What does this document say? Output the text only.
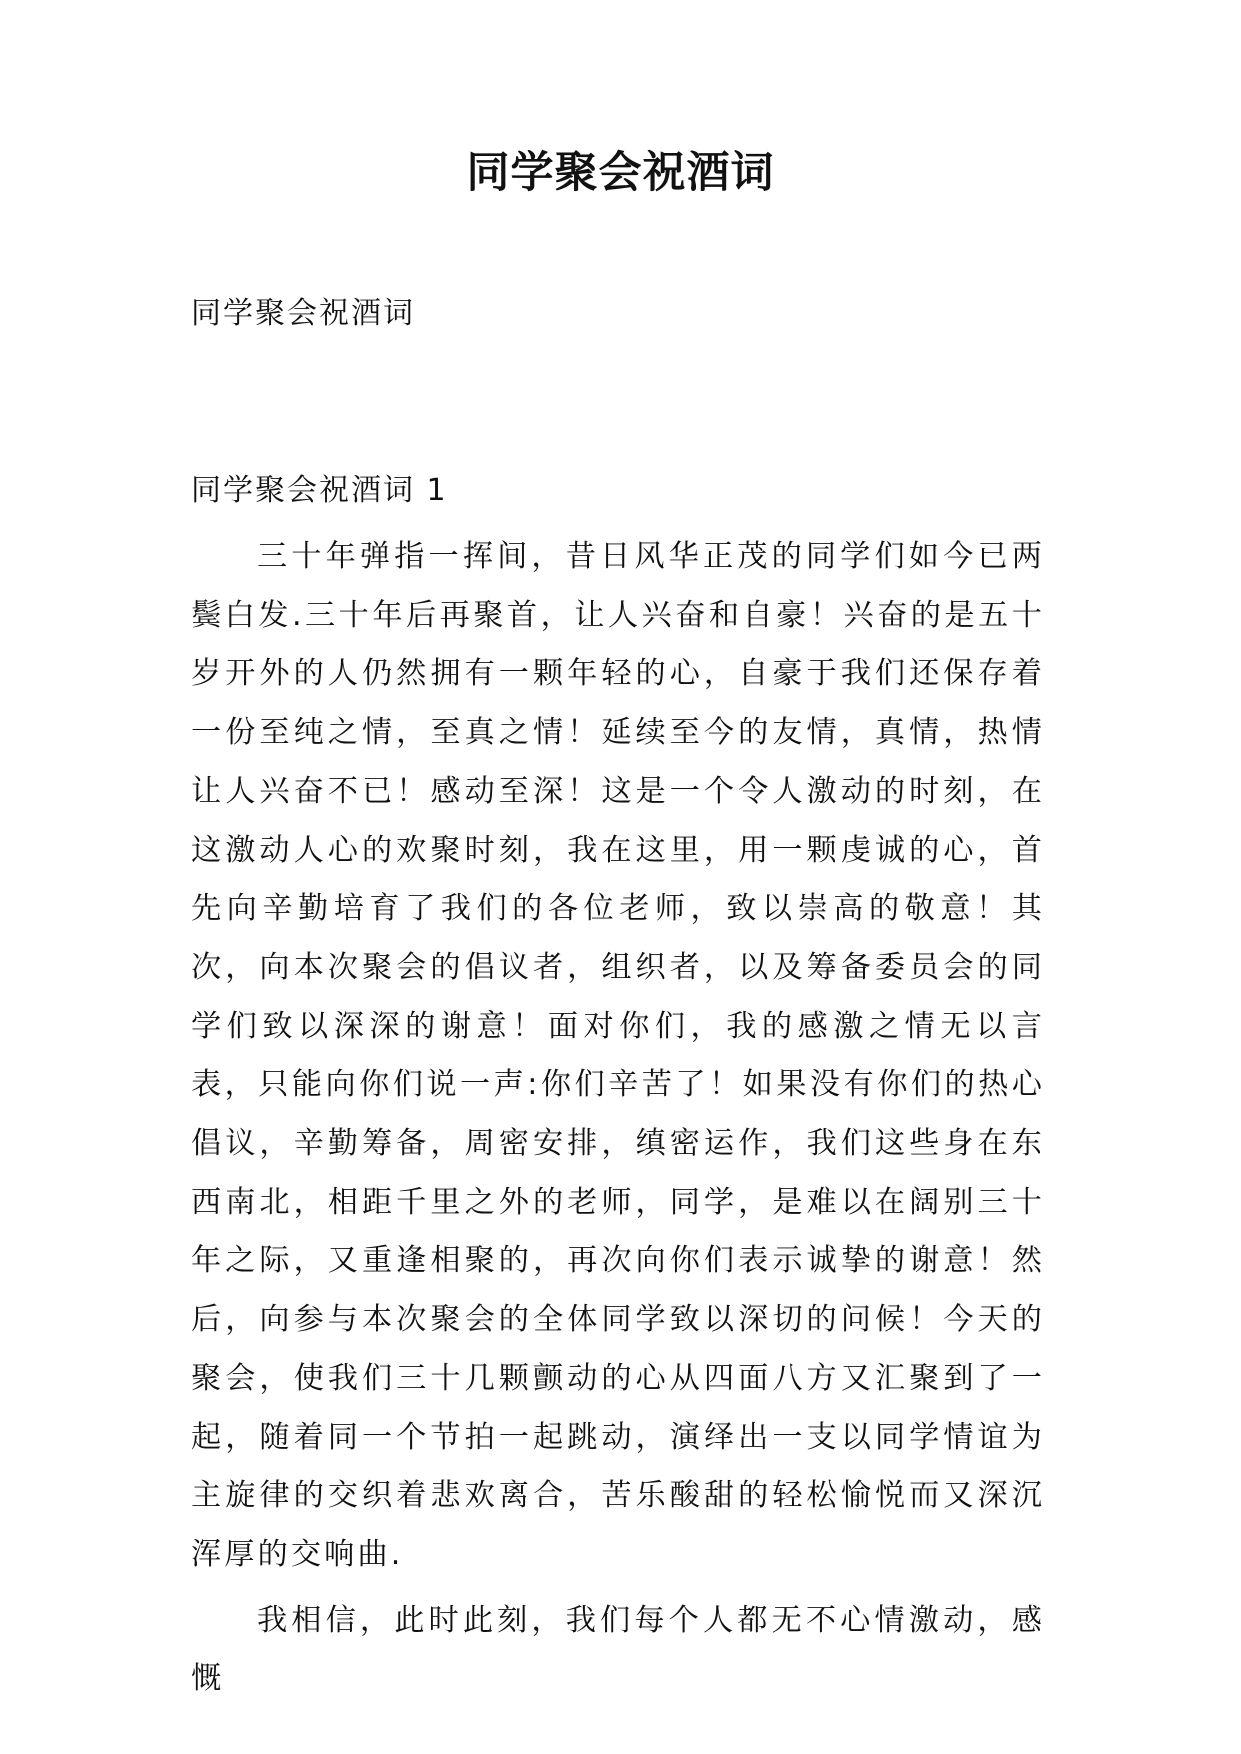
同学聚会祝酒词

同学聚会祝酒词

同学聚会祝酒词 1

三十年弹指一挥间，昔日风华正茂的同学们如今已两鬓白发.三十年后再聚首，让人兴奋和自豪！兴奋的是五十岁开外的人仍然拥有一颗年轻的心，自豪于我们还保存着一份至纯之情，至真之情！延续至今的友情，真情，热情让人兴奋不已！感动至深！这是一个令人激动的时刻，在这激动人心的欢聚时刻，我在这里，用一颗虔诚的心，首先向辛勤培育了我们的各位老师，致以崇高的敬意！其次，向本次聚会的倡议者，组织者，以及筹备委员会的同学们致以深深的谢意！面对你们，我的感激之情无以言表，只能向你们说一声:你们辛苦了！如果没有你们的热心倡议，辛勤筹备，周密安排，缜密运作，我们这些身在东西南北，相距千里之外的老师，同学，是难以在阔别三十年之际，又重逢相聚的，再次向你们表示诚挚的谢意！然后，向参与本次聚会的全体同学致以深切的问候！今天的聚会，使我们三十几颗颤动的心从四面八方又汇聚到了一起，随着同一个节拍一起跳动，演绎出一支以同学情谊为主旋律的交织着悲欢离合，苦乐酸甜的轻松愉悦而又深沉浑厚的交响曲.

我相信，此时此刻，我们每个人都无不心情激动，感慨
